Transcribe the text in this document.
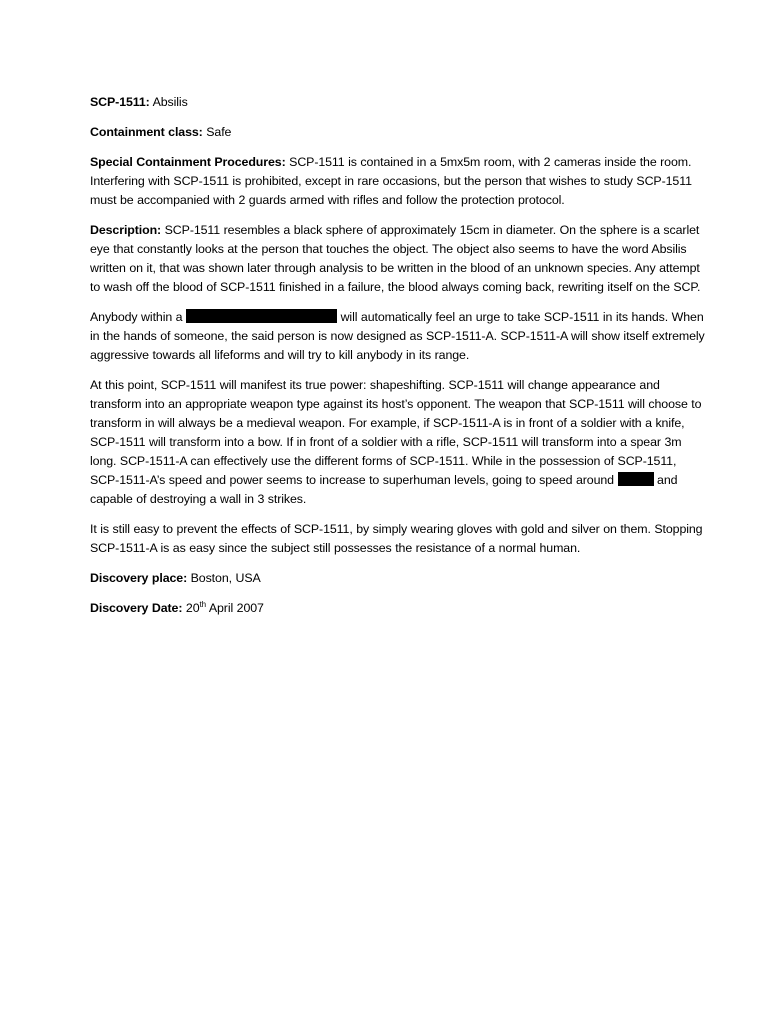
SCP-1511: Absilis

Containment class: Safe

Special Containment Procedures: SCP-1511 is contained in a 5mx5m room, with 2 cameras inside the room. Interfering with SCP-1511 is prohibited, except in rare occasions, but the person that wishes to study SCP-1511 must be accompanied with 2 guards armed with rifles and follow the protection protocol.

Description: SCP-1511 resembles a black sphere of approximately 15cm in diameter. On the sphere is a scarlet eye that constantly looks at the person that touches the object. The object also seems to have the word Absilis written on it, that was shown later through analysis to be written in the blood of an unknown species. Any attempt to wash off the blood of SCP-1511 finished in a failure, the blood always coming back, rewriting itself on the SCP.

Anybody within a	will automatically feel an urge to take SCP-1511 in its hands. When in the hands of someone, the said person is now designed as SCP-1511-A. SCP-1511-A will show itself extremely aggressive towards all lifeforms and will try to kill anybody in its range.

At this point, SCP-1511 will manifest its true power: shapeshifting. SCP-1511 will change appearance and transform into an appropriate weapon type against its host’s opponent. The weapon that SCP-1511 will choose to transform in will always be a medieval weapon. For example, if SCP-1511-A is in front of a soldier with a knife, SCP-1511 will transform into a bow. If in front of a soldier with a rifle, SCP-1511 will transform into a spear 3m long. SCP-1511-A can effectively use the different forms of SCP-1511. While in the possession of SCP-1511, SCP-1511-A’s speed and power seems to increase to superhuman levels, going to speed around	and capable of destroying a wall in 3 strikes.

It is still easy to prevent the effects of SCP-1511, by simply wearing gloves with gold and silver on them. Stopping SCP-1511-A is as easy since the subject still possesses the resistance of a normal human.

Discovery place: Boston, USA

Discovery Date: 20th April 2007
